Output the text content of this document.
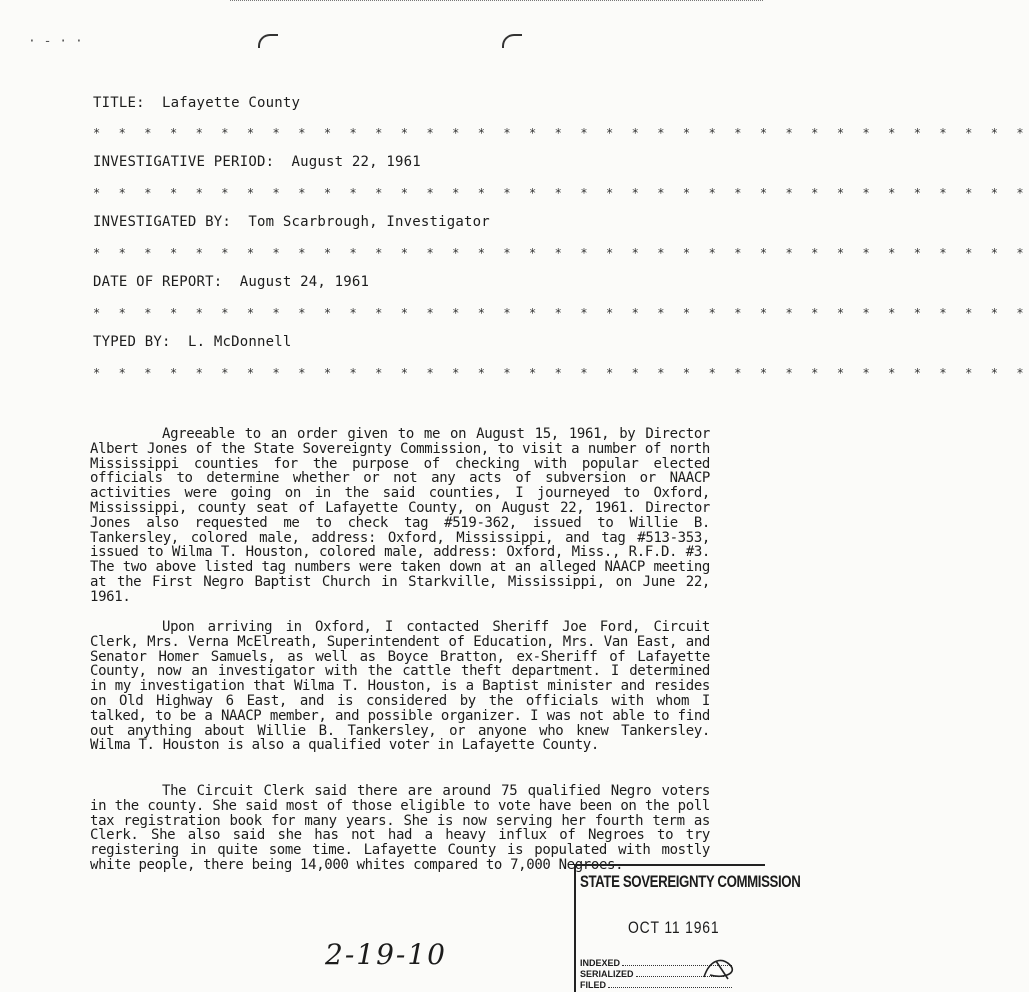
· - · ·
TITLE: Lafayette County
* * * * * * * * * * * * * * * * * * * * * * * * * * * * * * * * * * * * *
INVESTIGATIVE PERIOD: August 22, 1961
* * * * * * * * * * * * * * * * * * * * * * * * * * * * * * * * * * * * *
INVESTIGATED BY: Tom Scarbrough, Investigator
* * * * * * * * * * * * * * * * * * * * * * * * * * * * * * * * * * * * *
DATE OF REPORT: August 24, 1961
* * * * * * * * * * * * * * * * * * * * * * * * * * * * * * * * * * * * *
TYPED BY: L. McDonnell
* * * * * * * * * * * * * * * * * * * * * * * * * * * * * * * * * * * * *
Agreeable to an order given to me on August 15, 1961, by Director Albert Jones of the State Sovereignty Commission, to visit a number of north Mississippi counties for the purpose of checking with popular elected officials to determine whether or not any acts of subversion or NAACP activities were going on in the said counties, I journeyed to Oxford, Mississippi, county seat of Lafayette County, on August 22, 1961. Director Jones also requested me to check tag #519-362, issued to Willie B. Tankersley, colored male, address: Oxford, Mississippi, and tag #513-353, issued to Wilma T. Houston, colored male, address: Oxford, Miss., R.F.D. #3. The two above listed tag numbers were taken down at an alleged NAACP meeting at the First Negro Baptist Church in Starkville, Mississippi, on June 22, 1961.
Upon arriving in Oxford, I contacted Sheriff Joe Ford, Circuit Clerk, Mrs. Verna McElreath, Superintendent of Education, Mrs. Van East, and Senator Homer Samuels, as well as Boyce Bratton, ex-Sheriff of Lafayette County, now an investigator with the cattle theft department. I determined in my investigation that Wilma T. Houston, is a Baptist minister and resides on Old Highway 6 East, and is considered by the officials with whom I talked, to be a NAACP member, and possible organizer. I was not able to find out anything about Willie B. Tankersley, or anyone who knew Tankersley. Wilma T. Houston is also a qualified voter in Lafayette County.
The Circuit Clerk said there are around 75 qualified Negro voters in the county. She said most of those eligible to vote have been on the poll tax registration book for many years. She is now serving her fourth term as Clerk. She also said she has not had a heavy influx of Negroes to try registering in quite some time. Lafayette County is populated with mostly white people, there being 14,000 whites compared to 7,000 Negroes.
STATE SOVEREIGNTY COMMISSION
OCT 11 1961
INDEXED
SERIALIZED
FILED
2-19-10
